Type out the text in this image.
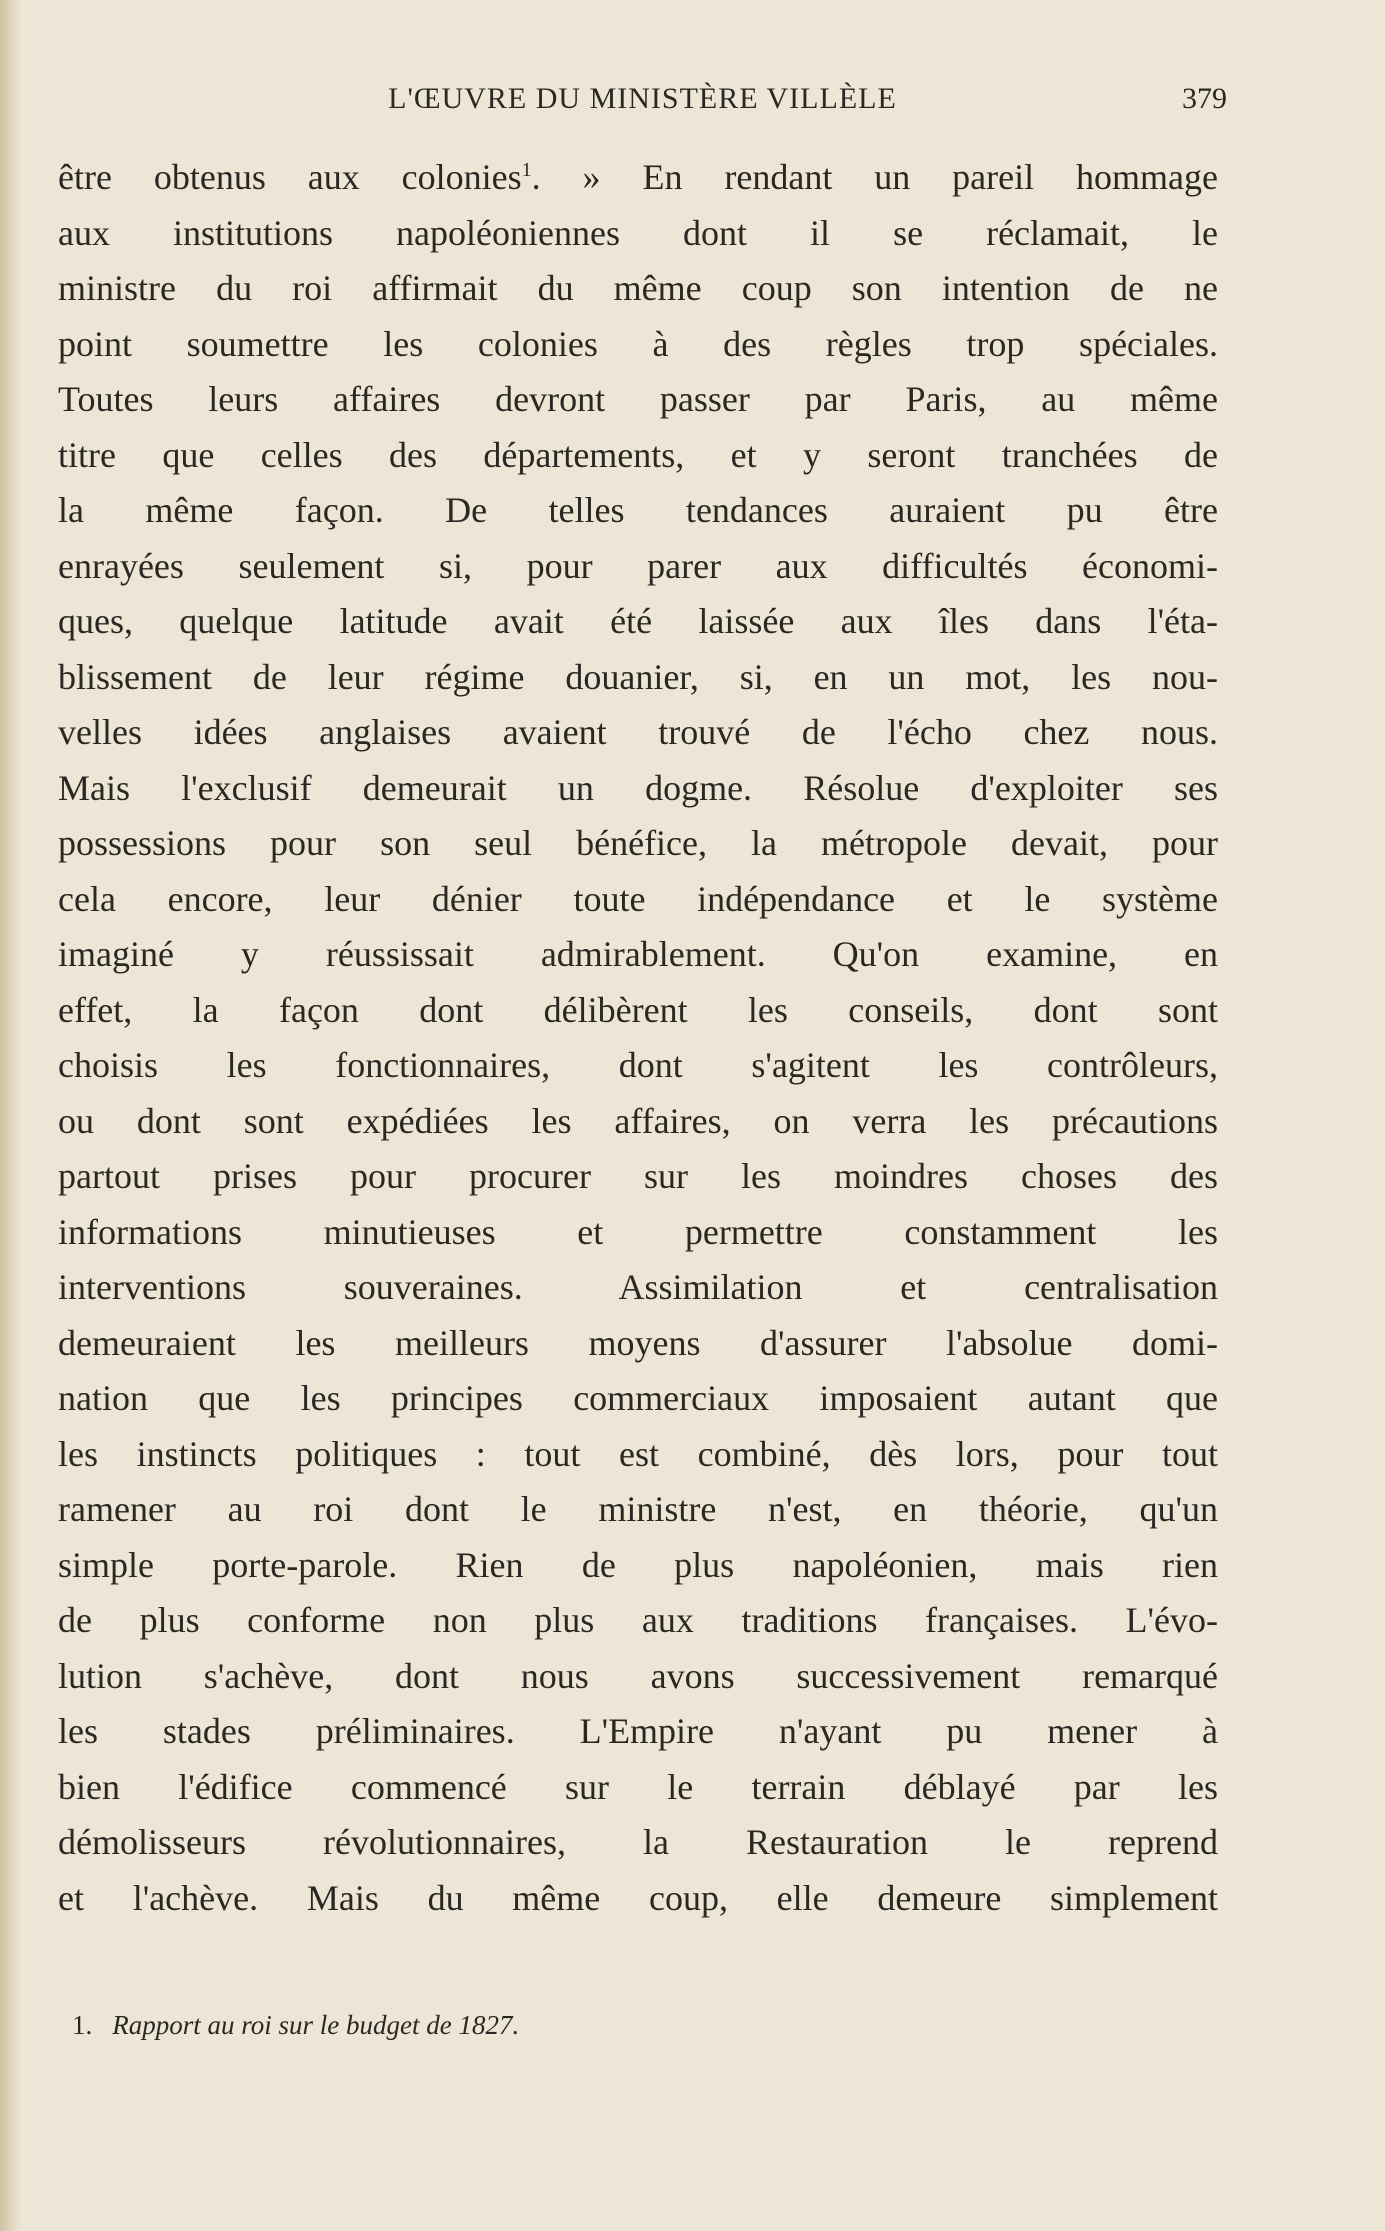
L'ŒUVRE DU MINISTÈRE VILLÈLE	379
être obtenus aux colonies$^1$. » En rendant un pareil hommage
aux institutions napoléoniennes dont il se réclamait, le
ministre du roi affirmait du même coup son intention de ne
point soumettre les colonies à des règles trop spéciales.
Toutes leurs affaires devront passer par Paris, au même
titre que celles des départements, et y seront tranchées de
la même façon. De telles tendances auraient pu être
enrayées seulement si, pour parer aux difficultés économi-
ques, quelque latitude avait été laissée aux îles dans l'éta-
blissement de leur régime douanier, si, en un mot, les nou-
velles idées anglaises avaient trouvé de l'écho chez nous.
Mais l'exclusif demeurait un dogme. Résolue d'exploiter ses
possessions pour son seul bénéfice, la métropole devait, pour
cela encore, leur dénier toute indépendance et le système
imaginé y réussissait admirablement. Qu'on examine, en
effet, la façon dont délibèrent les conseils, dont sont
choisis les fonctionnaires, dont s'agitent les contrôleurs,
ou dont sont expédiées les affaires, on verra les précautions
partout prises pour procurer sur les moindres choses des
informations minutieuses et permettre constamment les
interventions souveraines. Assimilation et centralisation
demeuraient les meilleurs moyens d'assurer l'absolue domi-
nation que les principes commerciaux imposaient autant que
les instincts politiques : tout est combiné, dès lors, pour tout
ramener au roi dont le ministre n'est, en théorie, qu'un
simple porte-parole. Rien de plus napoléonien, mais rien
de plus conforme non plus aux traditions françaises. L'évo-
lution s'achève, dont nous avons successivement remarqué
les stades préliminaires. L'Empire n'ayant pu mener à
bien l'édifice commencé sur le terrain déblayé par les
démolisseurs révolutionnaires, la Restauration le reprend
et l'achève. Mais du même coup, elle demeure simplement
1. Rapport au roi sur le budget de 1827.
